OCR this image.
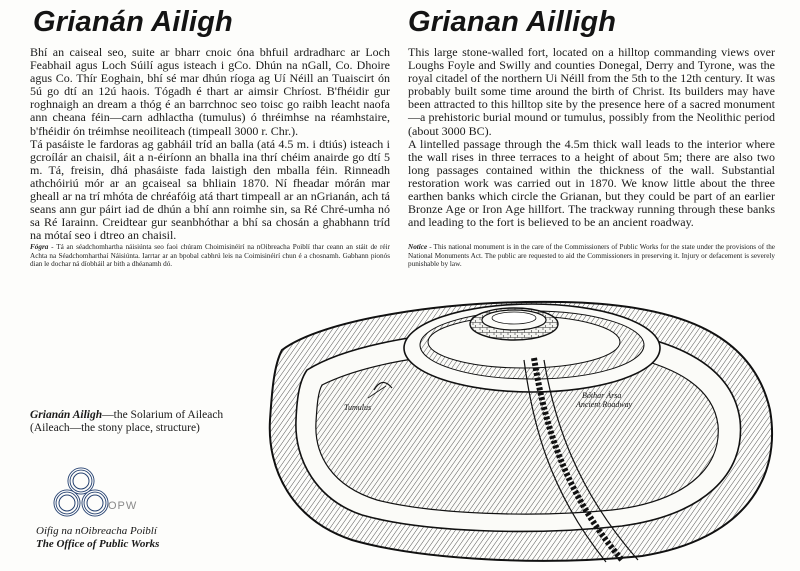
Grianán Ailigh	Grianan Ailligh

Bhí an caiseal seo, suite ar bharr cnoic óna bhfuil ardradharc ar Loch Feabhail agus Loch Súilí agus isteach i gCo. Dhún na nGall, Co. Dhoire agus Co. Thír Eoghain, bhí sé mar dhún ríoga ag Uí Néill an Tuaiscirt ón 5ú go dtí an 12ú haois. Tógadh é thart ar aimsir Chríost. B'fhéidir gur roghnaigh an dream a thóg é an barrchnoc seo toisc go raibh leacht naofa ann cheana féin—carn adhlactha (tumulus) ó thréimhse na réamhstaire, b'fhéidir ón tréimhse neoiliteach (timpeall 3000 r. Chr.).

Tá pasáiste le fardoras ag gabháil tríd an balla (atá 4.5 m. i dtiús) isteach i gcroílár an chaisil, áit a n-éiríonn an bhalla ina thrí chéim anairde go dtí 5 m. Tá, freisin, dhá phasáiste fada laistigh den mballa féin. Rinneadh athchóiriú mór ar an gcaiseal sa bhliain 1870. Ní fheadar mórán mar gheall ar na trí mhóta de chréafóig atá thart timpeall ar an nGrianán, ach tá seans ann gur páirt iad de dhún a bhí ann roimhe sin, sa Ré Chré-umha nó sa Ré Iarainn. Creidtear gur seanbhóthar a bhí sa chosán a ghabhann tríd na mótaí seo i dtreo an chaisil.

This large stone-walled fort, located on a hilltop commanding views over Loughs Foyle and Swilly and counties Donegal, Derry and Tyrone, was the royal citadel of the northern Ui Néill from the 5th to the 12th century. It was probably built some time around the birth of Christ. Its builders may have been attracted to this hilltop site by the presence here of a sacred monument—a prehistoric burial mound or tumulus, possibly from the Neolithic period (about 3000 BC).

A lintelled passage through the 4.5m thick wall leads to the interior where the wall rises in three terraces to a height of about 5m; there are also two long passages contained within the thickness of the wall. Substantial restoration work was carried out in 1870. We know little about the three earthen banks which circle the Grianan, but they could be part of an earlier Bronze Age or Iron Age hillfort. The trackway running through these banks and leading to the fort is believed to be an ancient roadway.

Fógra - Tá an séadchomhartha náisiúnta seo faoi chúram Choimisinéirí na nOibreacha Poiblí thar ceann an stáit de réir Achta na Séadchomharthaí Náisiúnta. Iarrtar ar an bpobal cabhrú leis na Coimisinéirí chun é a chosnamh. Gabhann pionós dian le dochar ná díobháil ar bith a dhéanamh dó.

Notice - This national monument is in the care of the Commissioners of Public Works for the state under the provisions of the National Monuments Act. The public are requested to aid the Commissioners in preserving it. Injury or defacement is severely punishable by law.

Grianán Ailigh—the Solarium of Aileach
(Aileach—the stony place, structure)
Tumulus
Bóthar Ársa
Ancient Roadway
OPW
Oifig na nOibreacha Poiblí
The Office of Public Works
